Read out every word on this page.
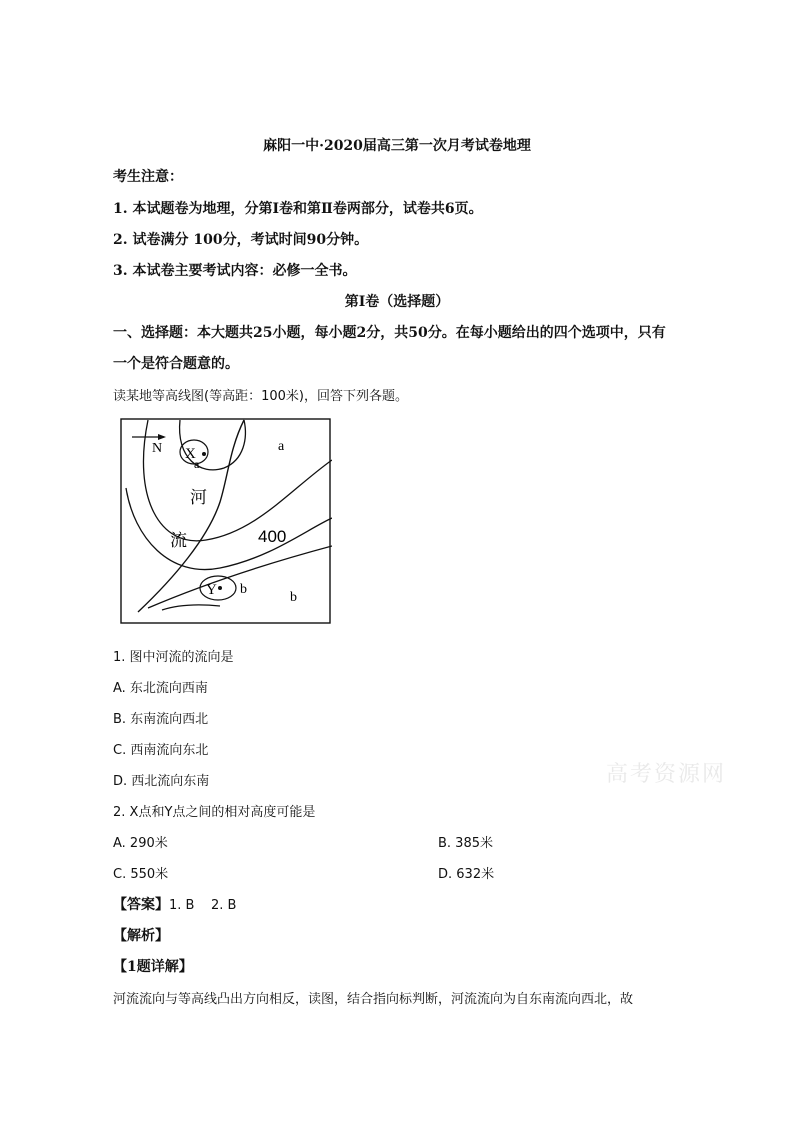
麻阳一中·2020届高三第一次月考试卷地理
考生注意：
1. 本试题卷为地理，分第Ⅰ卷和第Ⅱ卷两部分，试卷共6页。
2. 试卷满分 100分，考试时间90分钟。
3. 本试卷主要考试内容：必修一全书。
第Ⅰ卷（选择题）
一、选择题：本大题共25小题，每小题2分，共50分。在每小题给出的四个选项中，只有
一个是符合题意的。
读某地等高线图(等高距：100米)，回答下列各题。
N X
a
a
河
流	400
Y b
b
1. 图中河流的流向是
A. 东北流向西南
B. 东南流向西北
C. 西南流向东北
D. 西北流向东南	高考资源网
2. X点和Y点之间的相对高度可能是
A. 290米	B. 385米
C. 550米	D. 632米
【答案】1. B    2. B
【解析】
【1题详解】
河流流向与等高线凸出方向相反，读图，结合指向标判断，河流流向为自东南流向西北，故
